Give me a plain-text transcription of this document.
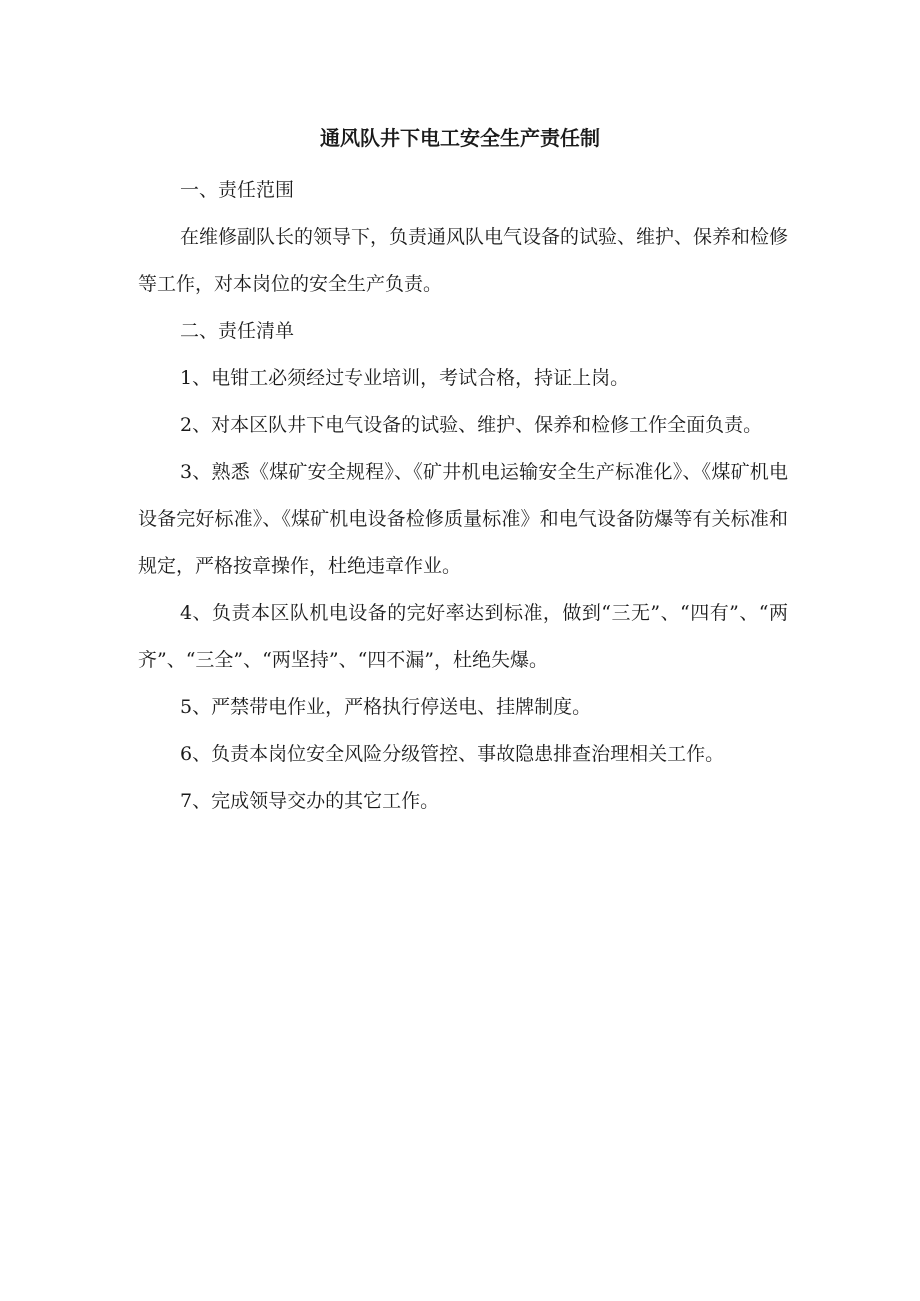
通风队井下电工安全生产责任制

一、责任范围

在维修副队长的领导下，负责通风队电气设备的试验、维护、保养和检修等工作，对本岗位的安全生产负责。

二、责任清单

1、电钳工必须经过专业培训，考试合格，持证上岗。

2、对本区队井下电气设备的试验、维护、保养和检修工作全面负责。

3、熟悉《煤矿安全规程》、《矿井机电运输安全生产标准化》、《煤矿机电设备完好标准》、《煤矿机电设备检修质量标准》和电气设备防爆等有关标准和规定，严格按章操作，杜绝违章作业。

4、负责本区队机电设备的完好率达到标准，做到“三无”、“四有”、“两齐”、“三全”、“两坚持”、“四不漏”，杜绝失爆。

5、严禁带电作业，严格执行停送电、挂牌制度。

6、负责本岗位安全风险分级管控、事故隐患排查治理相关工作。

7、完成领导交办的其它工作。
